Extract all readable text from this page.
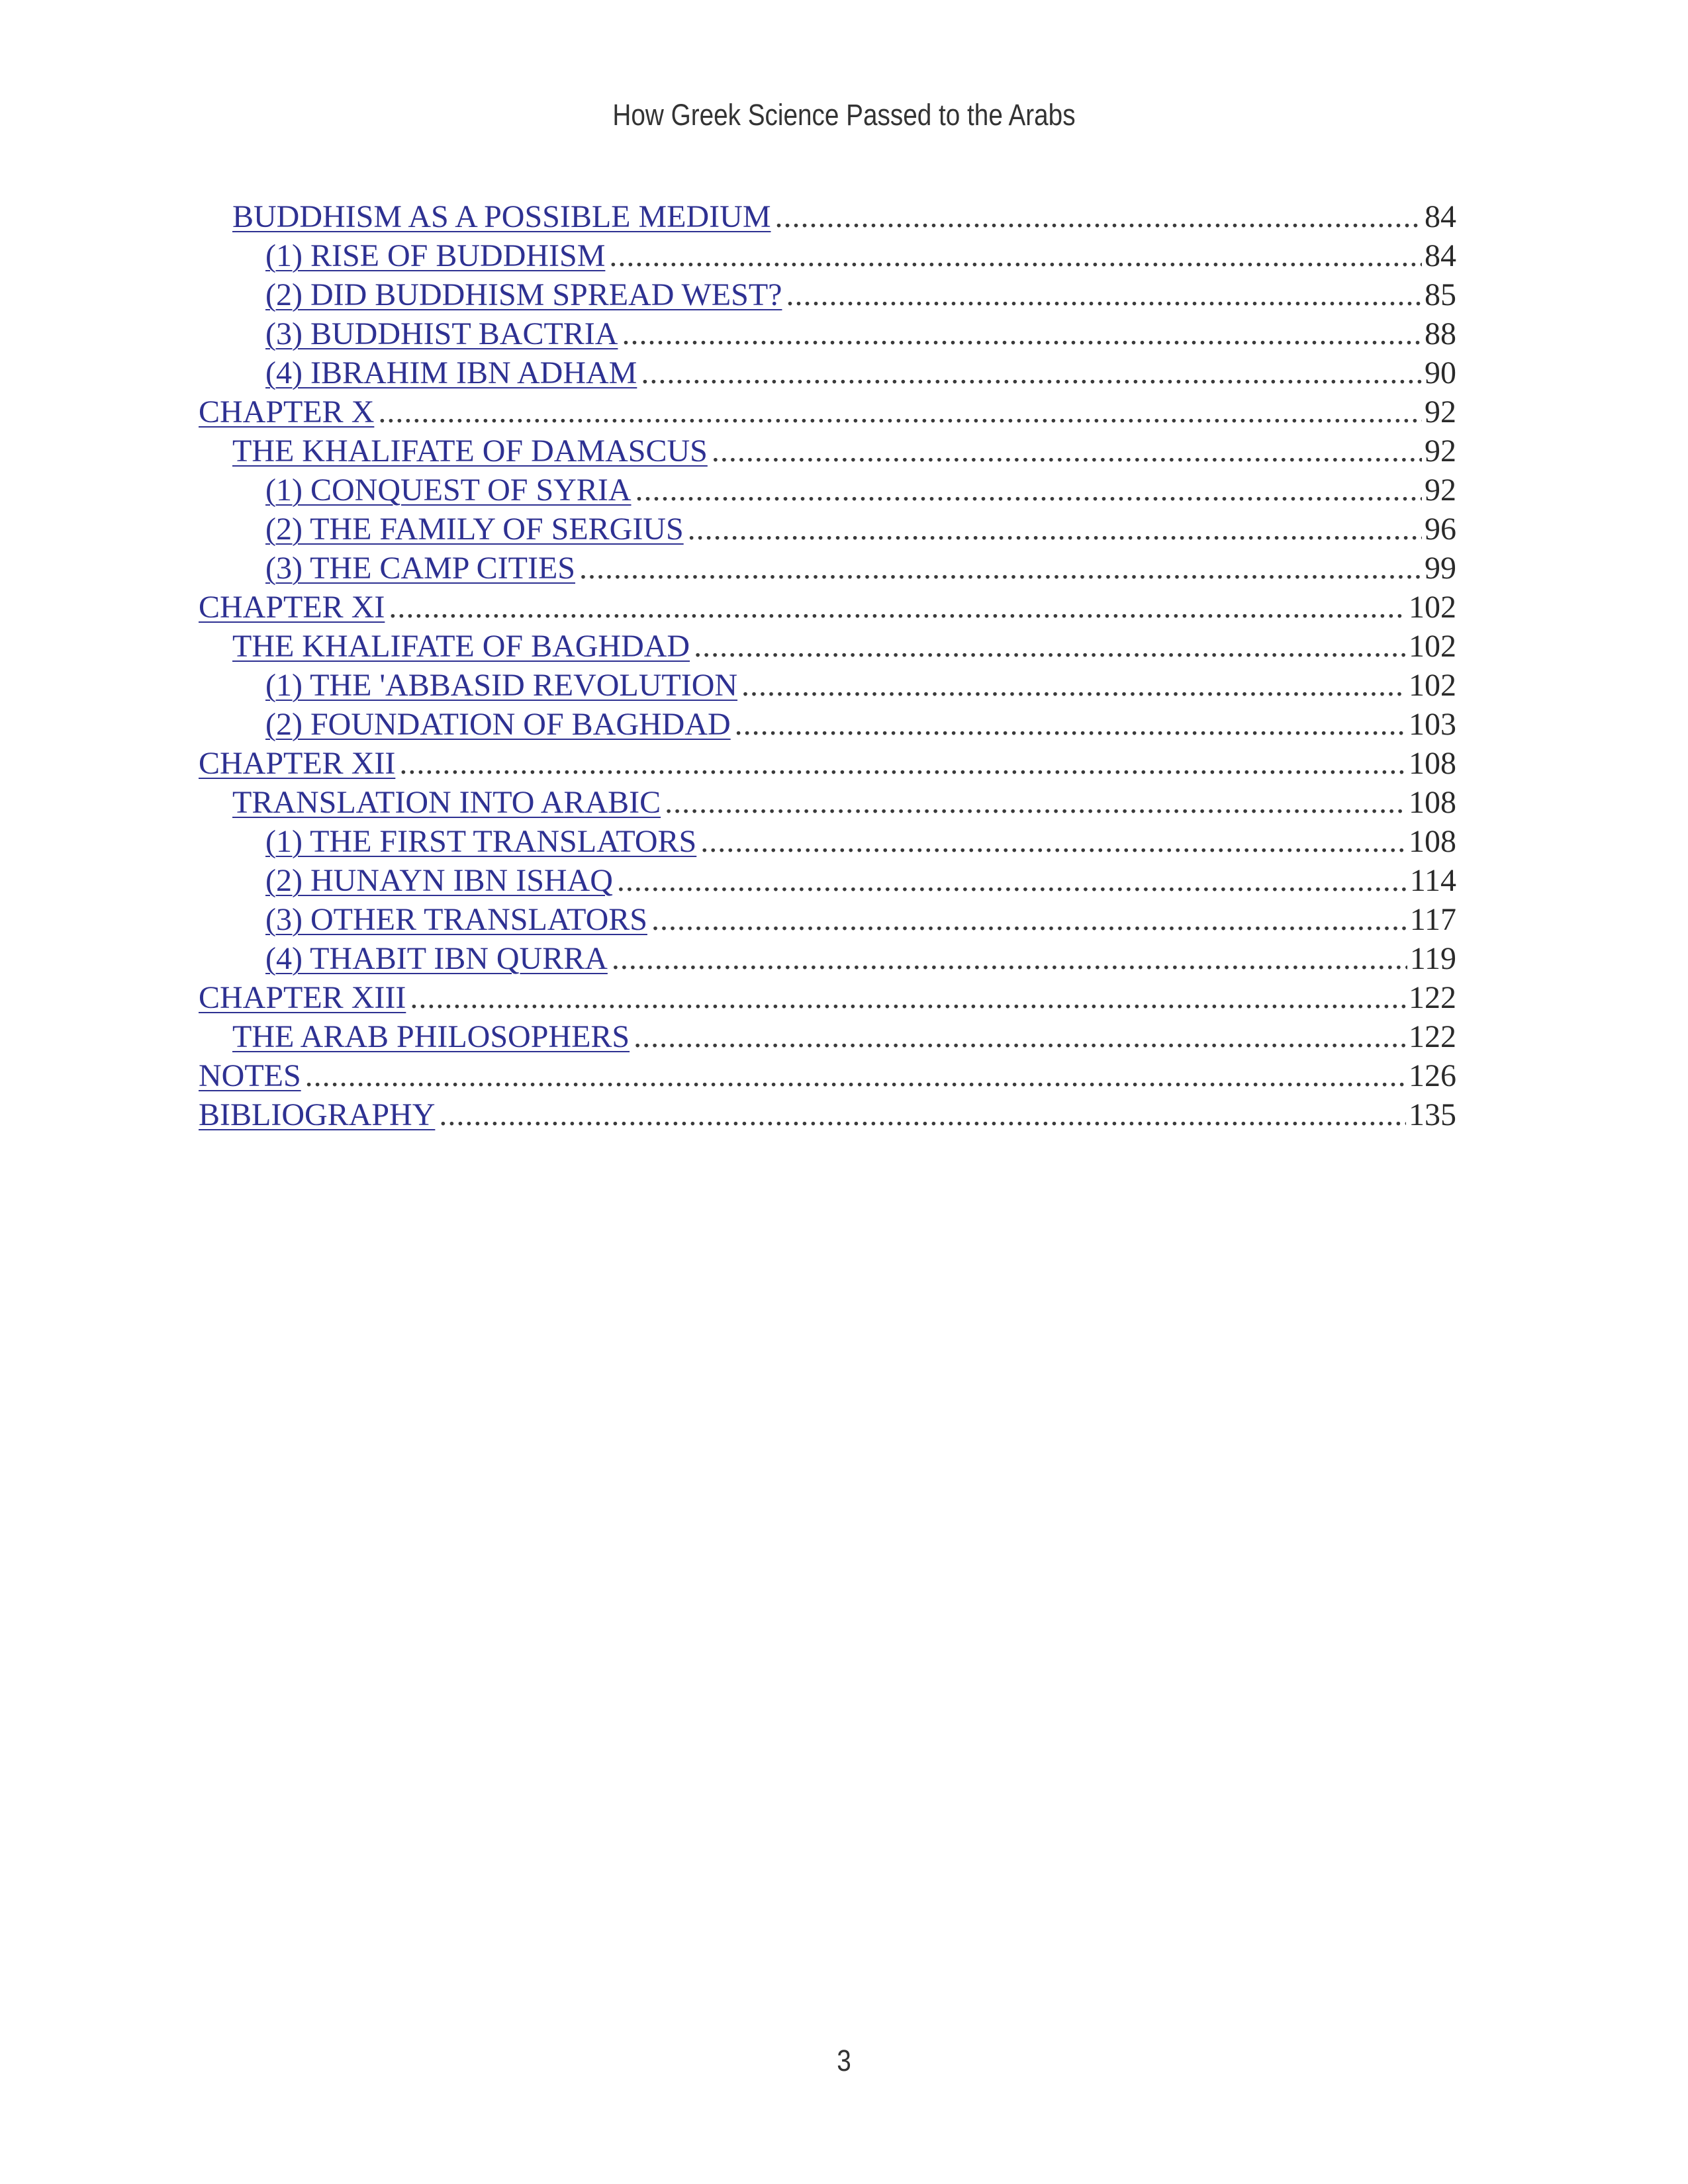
How Greek Science Passed to the Arabs
BUDDHISM AS A POSSIBLE MEDIUM .....	84
(1) RISE OF BUDDHISM .....	84
(2) DID BUDDHISM SPREAD WEST? .....	85
(3) BUDDHIST BACTRIA .....	88
(4) IBRAHIM IBN ADHAM .....	90
CHAPTER X .....	92
THE KHALIFATE OF DAMASCUS .....	92
(1) CONQUEST OF SYRIA .....	92
(2) THE FAMILY OF SERGIUS .....	96
(3) THE CAMP CITIES .....	99
CHAPTER XI .....	102
THE KHALIFATE OF BAGHDAD .....	102
(1) THE 'ABBASID REVOLUTION .....	102
(2) FOUNDATION OF BAGHDAD .....	103
CHAPTER XII .....	108
TRANSLATION INTO ARABIC .....	108
(1) THE FIRST TRANSLATORS .....	108
(2) HUNAYN IBN ISHAQ .....	114
(3) OTHER TRANSLATORS .....	117
(4) THABIT IBN QURRA .....	119
CHAPTER XIII .....	122
THE ARAB PHILOSOPHERS .....	122
NOTES .....	126
BIBLIOGRAPHY .....	135
3
